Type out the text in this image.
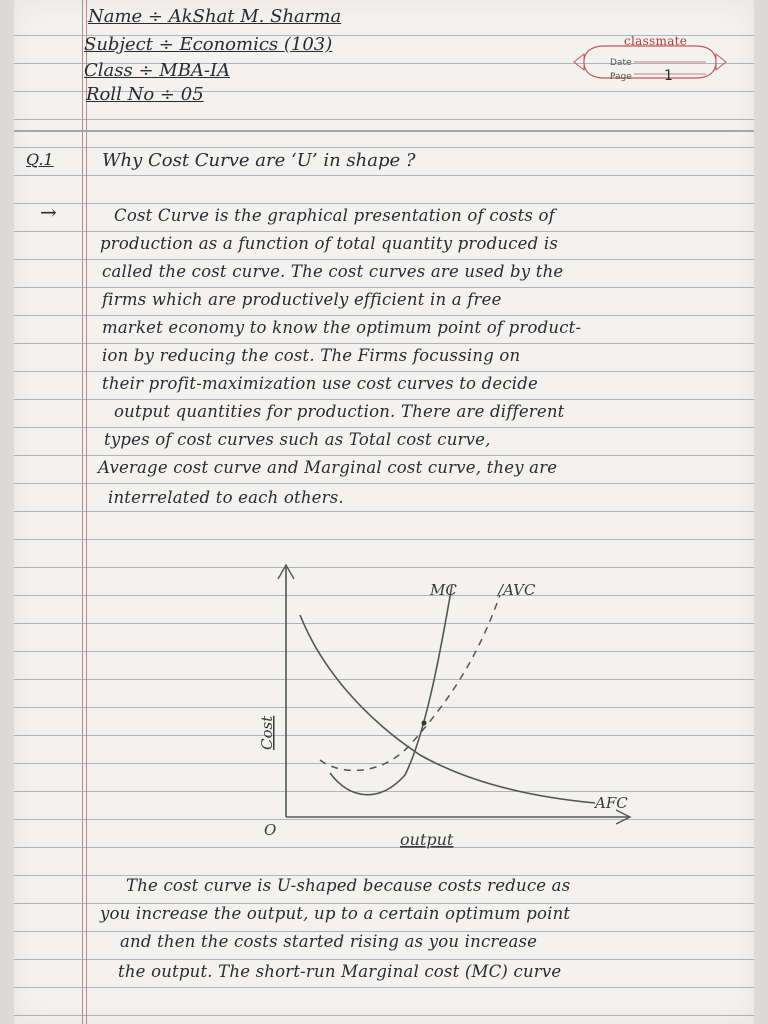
Name ÷ AkShat M. Sharma
Subject ÷ Economics (103)
Class ÷ MBA-IA
Roll No ÷ 05
classmate
Date
Page 1
Q.1	Why Cost Curve are ‘U’ in shape ?
→	Cost Curve is the graphical presentation of costs of
production as a function of total quantity produced is
called the cost curve. The cost curves are used by the
firms which are productively efficient in a free
market economy to know the optimum point of product-
ion by reducing the cost. The Firms focussing on
their profit-maximization use cost curves to decide
output quantities for production. There are different
types of cost curves such as Total cost curve,
Average cost curve and Marginal cost curve, they are
interrelated to each others.
The cost curve is U-shaped because costs reduce as
you increase the output, up to a certain optimum point
and then the costs started rising as you increase
the output. The short-run Marginal cost (MC) curve
MC	/AVC
AFC
Cost
output
O
